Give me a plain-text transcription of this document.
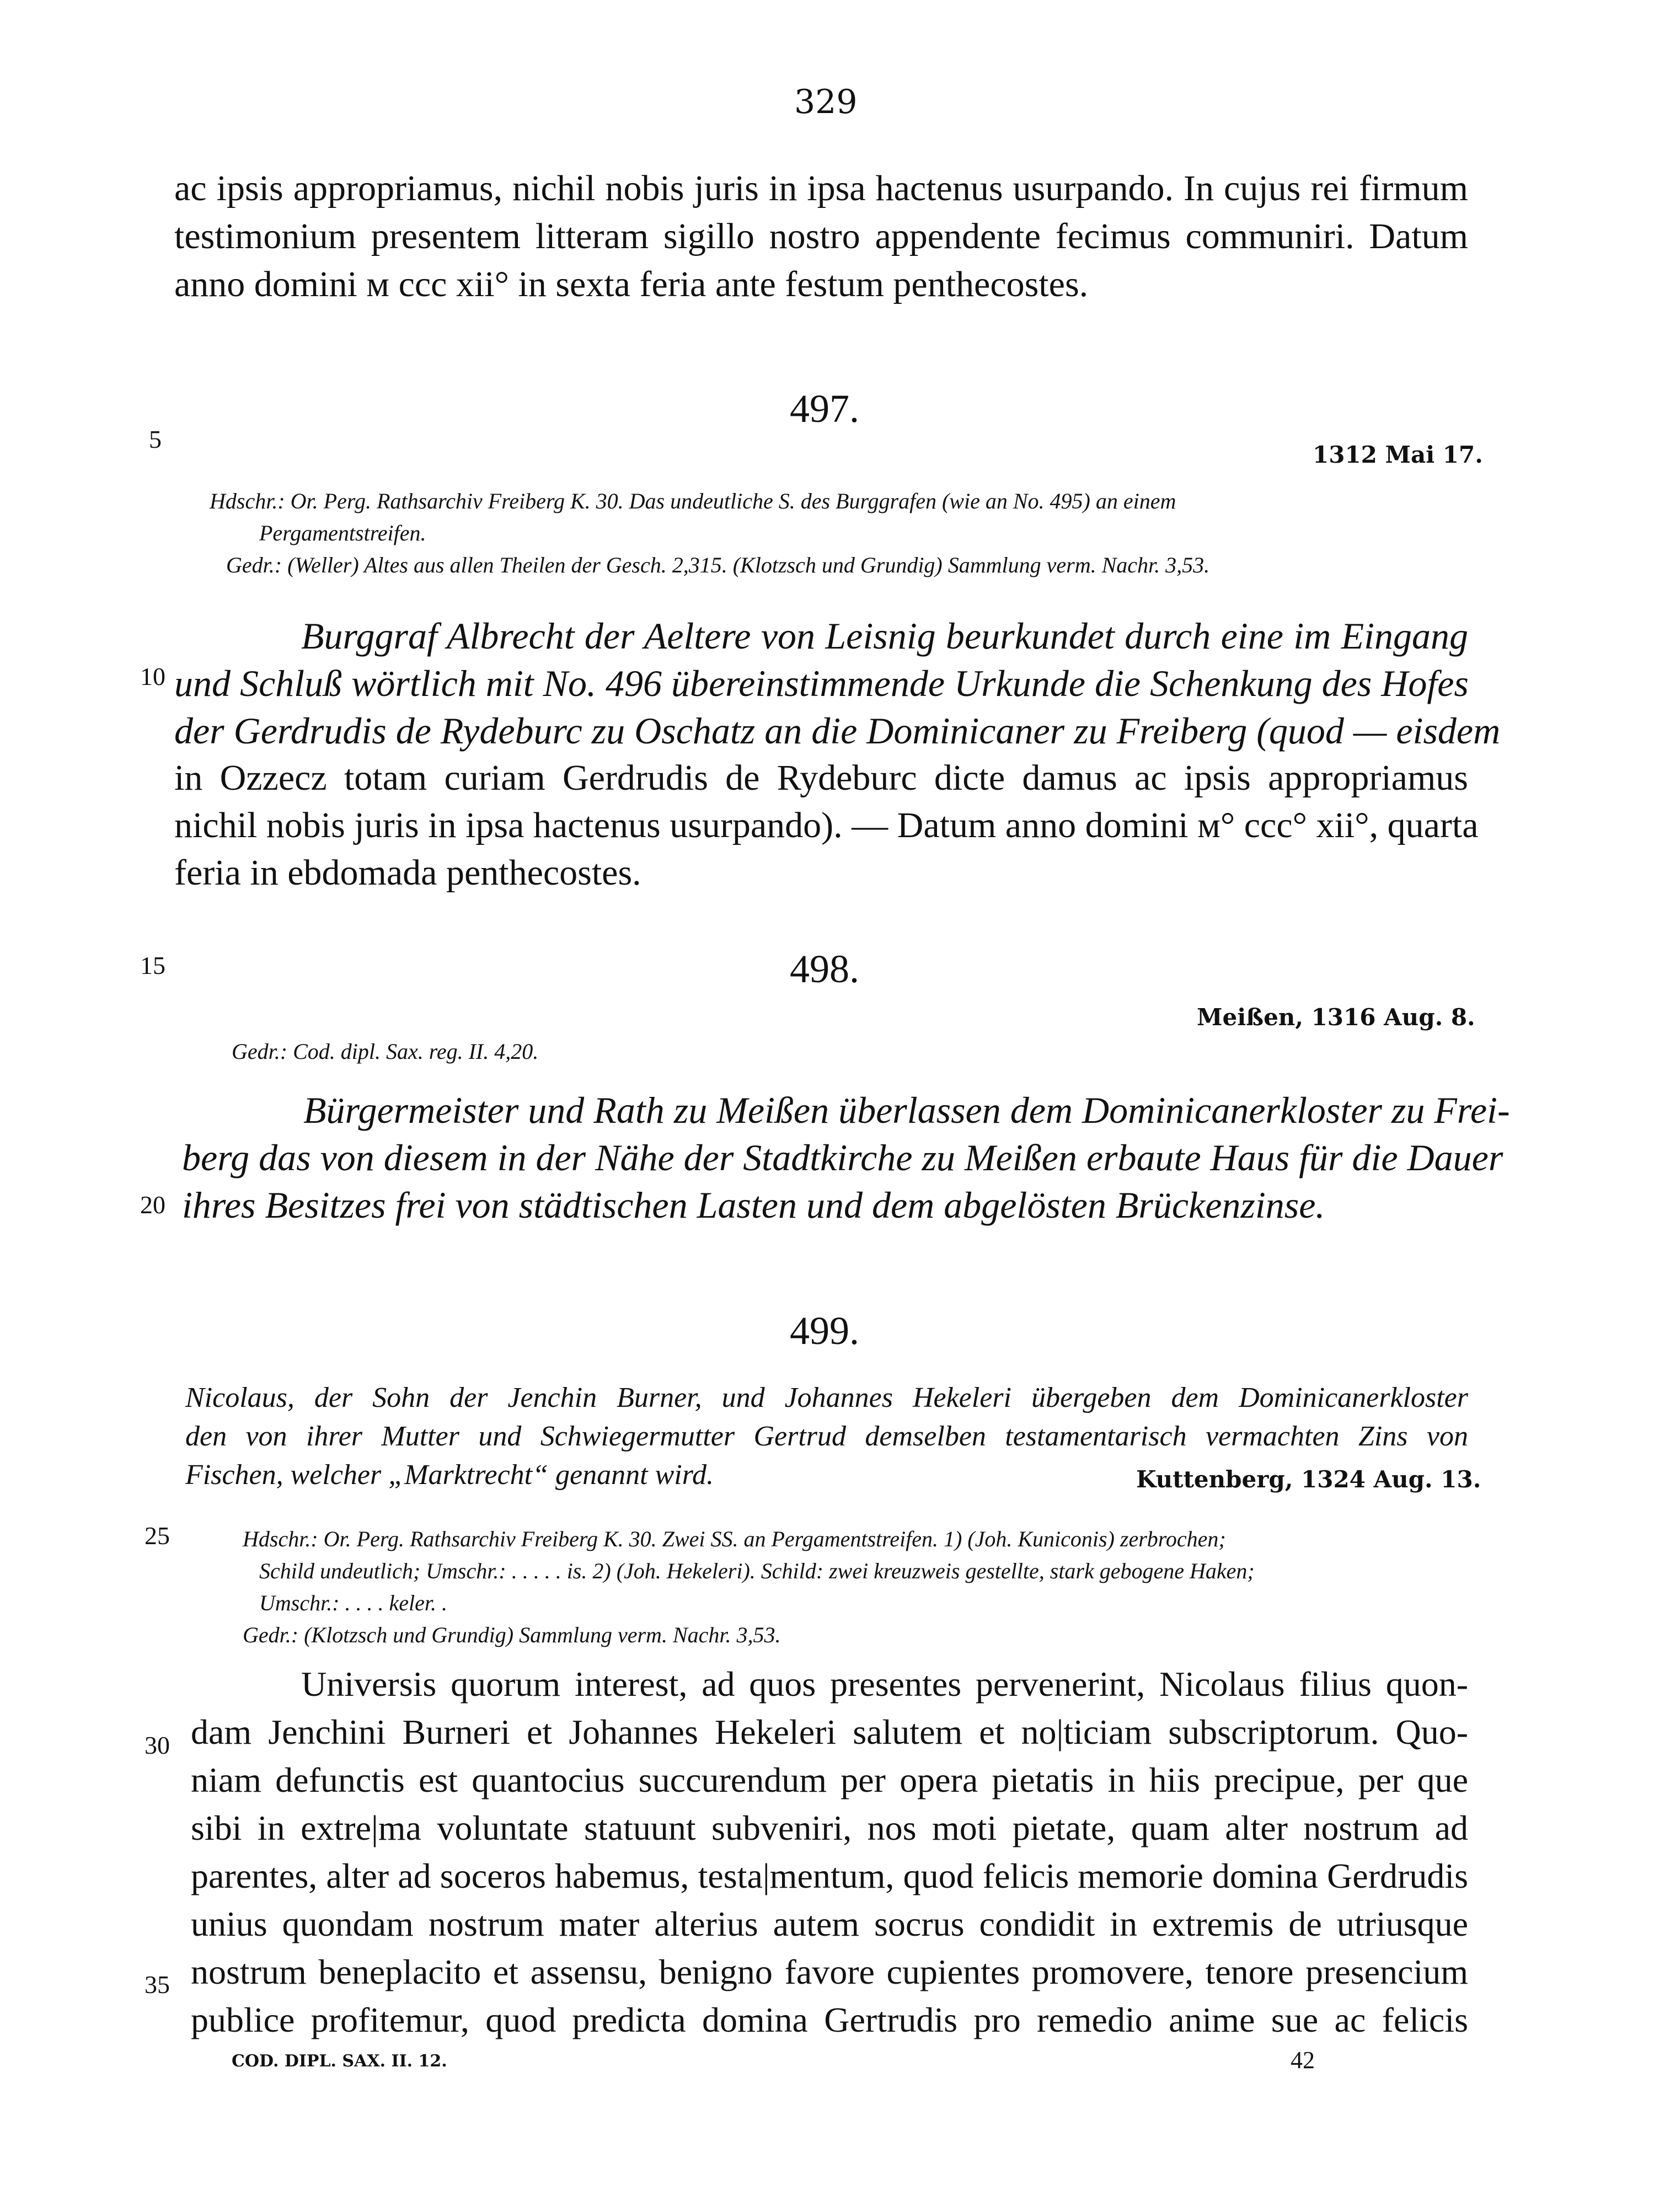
329
ac ipsis appropriamus, nichil nobis juris in ipsa hactenus usurpando. In cujus rei firmum
testimonium presentem litteram sigillo nostro appendente fecimus communiri. Datum
anno domini м ccc xii° in sexta feria ante festum penthecostes.
5
10
15
20
25
30
35
497.
1312 Mai 17.
Hdschr.: Or. Perg. Rathsarchiv Freiberg K. 30. Das undeutliche S. des Burggrafen (wie an No. 495) an einem
Pergamentstreifen.
Gedr.: (Weller) Altes aus allen Theilen der Gesch. 2,315. (Klotzsch und Grundig) Sammlung verm. Nachr. 3,53.
Burggraf Albrecht der Aeltere von Leisnig beurkundet durch eine im Eingang
und Schluß wörtlich mit No. 496 übereinstimmende Urkunde die Schenkung des Hofes
der Gerdrudis de Rydeburc zu Oschatz an die Dominicaner zu Freiberg (quod — eisdem
in Ozzecz totam curiam Gerdrudis de Rydeburc dicte damus ac ipsis appropriamus
nichil nobis juris in ipsa hactenus usurpando). — Datum anno domini м° ccc° xii°, quarta
feria in ebdomada penthecostes.
498.
Meißen, 1316 Aug. 8.
Gedr.: Cod. dipl. Sax. reg. II. 4,20.
Bürgermeister und Rath zu Meißen überlassen dem Dominicanerkloster zu Frei-
berg das von diesem in der Nähe der Stadtkirche zu Meißen erbaute Haus für die Dauer
ihres Besitzes frei von städtischen Lasten und dem abgelösten Brückenzinse.
499.
Nicolaus, der Sohn der Jenchin Burner, und Johannes Hekeleri übergeben dem Dominicanerkloster
den von ihrer Mutter und Schwiegermutter Gertrud demselben testamentarisch vermachten Zins von
Fischen, welcher „Marktrecht“ genannt wird.	Kuttenberg, 1324 Aug. 13.
Hdschr.: Or. Perg. Rathsarchiv Freiberg K. 30. Zwei SS. an Pergamentstreifen. 1) (Joh. Kuniconis) zerbrochen;
Schild undeutlich; Umschr.: . . . . . is. 2) (Joh. Hekeleri). Schild: zwei kreuzweis gestellte, stark gebogene Haken;
Umschr.: . . . . keler. .
Gedr.: (Klotzsch und Grundig) Sammlung verm. Nachr. 3,53.
Universis quorum interest, ad quos presentes pervenerint, Nicolaus filius quon-
dam Jenchini Burneri et Johannes Hekeleri salutem et no|ticiam subscriptorum. Quo-
niam defunctis est quantocius succurendum per opera pietatis in hiis precipue, per que
sibi in extre|ma voluntate statuunt subveniri, nos moti pietate, quam alter nostrum ad
parentes, alter ad soceros habemus, testa|mentum, quod felicis memorie domina Gerdrudis
unius quondam nostrum mater alterius autem socrus condidit in extremis de utriusque
nostrum beneplacito et assensu, benigno favore cupientes promovere, tenore presencium
publice profitemur, quod predicta domina Gertrudis pro remedio anime sue ac felicis
COD. DIPL. SAX. II. 12.	42
